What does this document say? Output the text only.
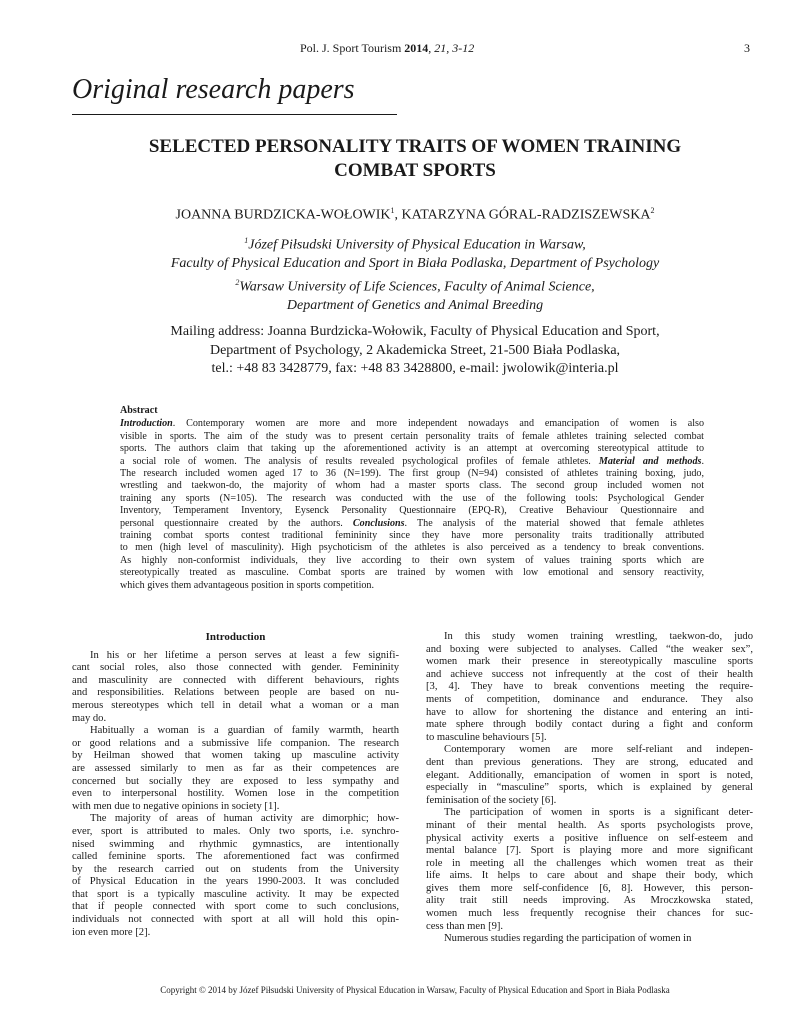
Pol. J. Sport Tourism 2014, 21, 3-12	3
Original research papers
SELECTED PERSONALITY TRAITS OF WOMEN TRAINING
COMBAT SPORTS
JOANNA BURDZICKA-WOŁOWIK$^1$, KATARZYNA GÓRAL-RADZISZEWSKA$^2$
$^1$Józef Piłsudski University of Physical Education in Warsaw,
Faculty of Physical Education and Sport in Biała Podlaska, Department of Psychology
$^2$Warsaw University of Life Sciences, Faculty of Animal Science,
Department of Genetics and Animal Breeding
Mailing address: Joanna Burdzicka-Wołowik, Faculty of Physical Education and Sport,
Department of Psychology, 2 Akademicka Street, 21-500 Biała Podlaska,
tel.: +48 83 3428779, fax: +48 83 3428800, e-mail: jwolowik@interia.pl
Abstract
Introduction. Contemporary women are more and more independent nowadays and emancipation of women is also
visible in sports. The aim of the study was to present certain personality traits of female athletes training selected combat
sports. The authors claim that taking up the aforementioned activity is an attempt at overcoming stereotypical attitude to
a social role of women. The analysis of results revealed psychological profiles of female athletes. Material and methods.
The research included women aged 17 to 36 (N=199). The first group (N=94) consisted of athletes training boxing, judo,
wrestling and taekwon-do, the majority of whom had a master sports class. The second group included women not
training any sports (N=105). The research was conducted with the use of the following tools: Psychological Gender
Inventory, Temperament Inventory, Eysenck Personality Questionnaire (EPQ-R), Creative Behaviour Questionnaire and
personal questionnaire created by the authors. Conclusions. The analysis of the material showed that female athletes
training combat sports contest traditional femininity since they have more personality traits traditionally attributed
to men (high level of masculinity). High psychoticism of the athletes is also perceived as a tendency to break conventions.
As highly non-conformist individuals, they live according to their own system of values training sports which are
stereotypically treated as masculine. Combat sports are trained by women with low emotional and sensory reactivity,
which gives them advantageous position in sports competition.
Introduction
In his or her lifetime a person serves at least a few signifi-
cant social roles, also those connected with gender. Femininity
and masculinity are connected with different behaviours, rights
and responsibilities. Relations between people are based on nu-
merous stereotypes which tell in detail what a woman or a man
may do.
Habitually a woman is a guardian of family warmth, hearth
or good relations and a submissive life companion. The research
by Heilman showed that women taking up masculine activity
are assessed similarly to men as far as their competences are
concerned but socially they are exposed to less sympathy and
even to interpersonal hostility. Women lose in the competition
with men due to negative opinions in society [1].
The majority of areas of human activity are dimorphic; how-
ever, sport is attributed to males. Only two sports, i.e. synchro-
nised swimming and rhythmic gymnastics, are intentionally
called feminine sports. The aforementioned fact was confirmed
by the research carried out on students from the University
of Physical Education in the years 1990-2003. It was concluded
that sport is a typically masculine activity. It may be expected
that if people connected with sport come to such conclusions,
individuals not connected with sport at all will hold this opin-
ion even more [2].
In this study women training wrestling, taekwon-do, judo
and boxing were subjected to analyses. Called “the weaker sex”,
women mark their presence in stereotypically masculine sports
and achieve success not infrequently at the cost of their health
[3, 4]. They have to break conventions meeting the require-
ments of competition, dominance and endurance. They also
have to allow for shortening the distance and entering an inti-
mate sphere through bodily contact during a fight and conform
to masculine behaviours [5].
Contemporary women are more self-reliant and indepen-
dent than previous generations. They are strong, educated and
elegant. Additionally, emancipation of women in sport is noted,
especially in “masculine” sports, which is explained by general
feminisation of the society [6].
The participation of women in sports is a significant deter-
minant of their mental health. As sports psychologists prove,
physical activity exerts a positive influence on self-esteem and
mental balance [7]. Sport is playing more and more significant
role in meeting all the challenges which women treat as their
life aims. It helps to care about and shape their body, which
gives them more self-confidence [6, 8]. However, this person-
ality trait still needs improving. As Mroczkowska stated,
women much less frequently recognise their chances for suc-
cess than men [9].
Numerous studies regarding the participation of women in
Copyright © 2014 by Józef Piłsudski University of Physical Education in Warsaw, Faculty of Physical Education and Sport in Biała Podlaska
